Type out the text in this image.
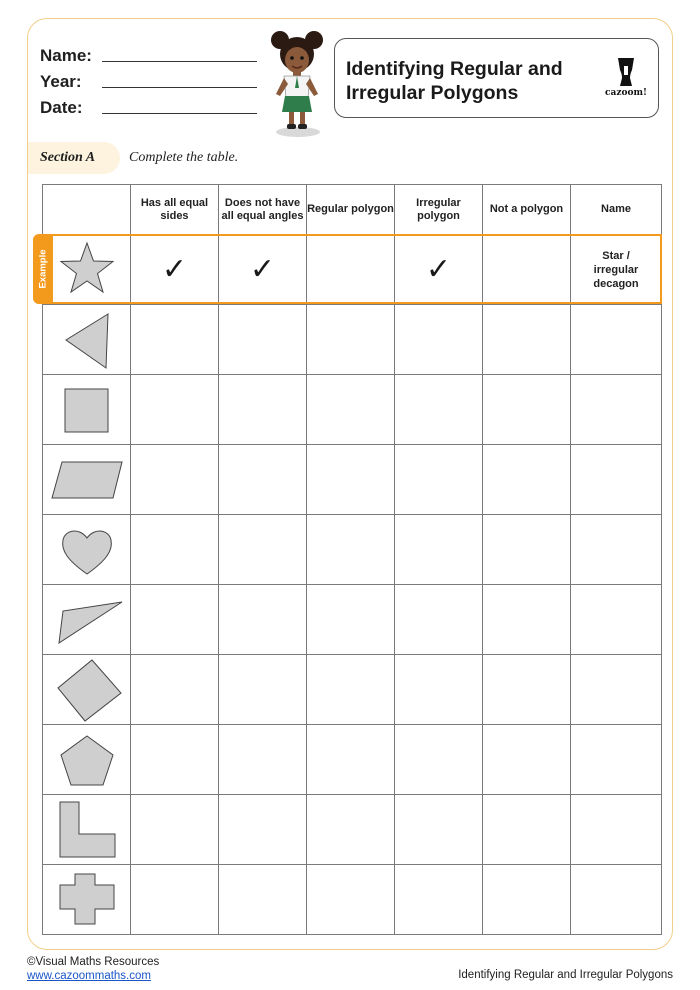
Name:
Year:
Date:
Identifying Regular and Irregular Polygons	cazoom!
Section A Complete the table.
	Has all equal sides	Does not have all equal angles	Regular polygon	Irregular polygon	Not a polygon	Name

	✓	✓		✓		Star / irregular decagon

Example
©Visual Maths Resources
www.cazoommaths.com	Identifying Regular and Irregular Polygons
